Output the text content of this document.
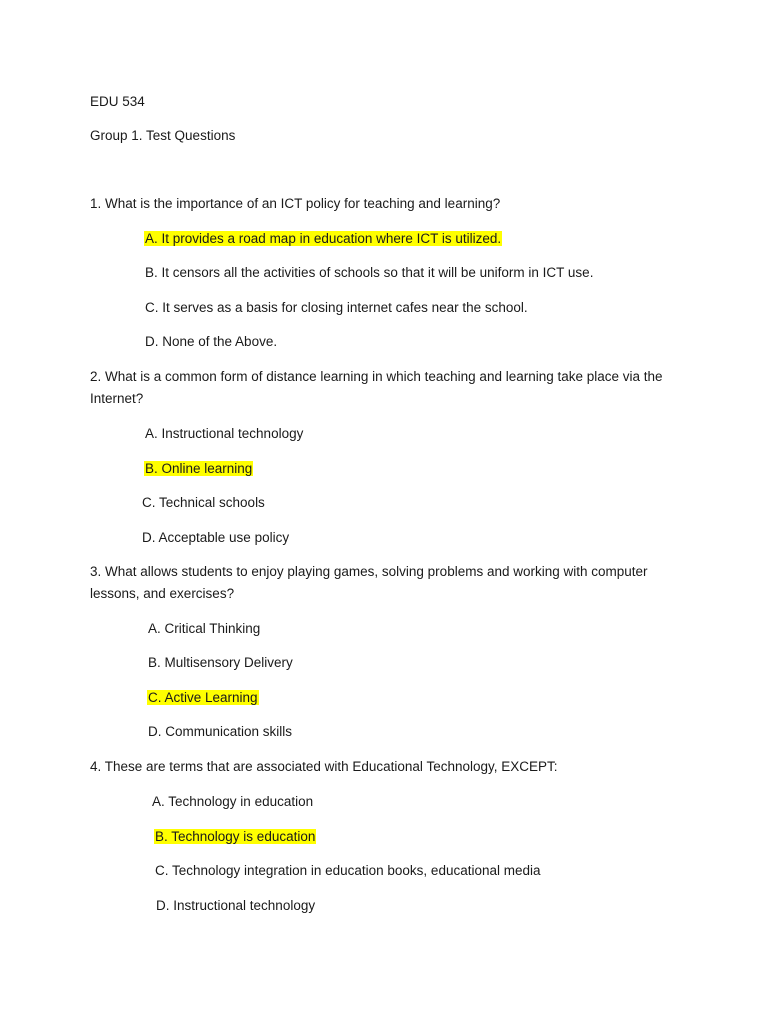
EDU 534
Group 1. Test Questions
1. What is the importance of an ICT policy for teaching and learning?
A. It provides a road map in education where ICT is utilized.
B. It censors all the activities of schools so that it will be uniform in ICT use.
C. It serves as a basis for closing internet cafes near the school.
D. None of the Above.
2. What is a common form of distance learning in which teaching and learning take place via the Internet?
A. Instructional technology
B. Online learning
C. Technical schools
D. Acceptable use policy
3. What allows students to enjoy playing games, solving problems and working with computer lessons, and exercises?
A. Critical Thinking
B. Multisensory Delivery
C. Active Learning
D. Communication skills
4. These are terms that are associated with Educational Technology, EXCEPT:
A. Technology in education
B. Technology is education
C. Technology integration in education books, educational media
D. Instructional technology
